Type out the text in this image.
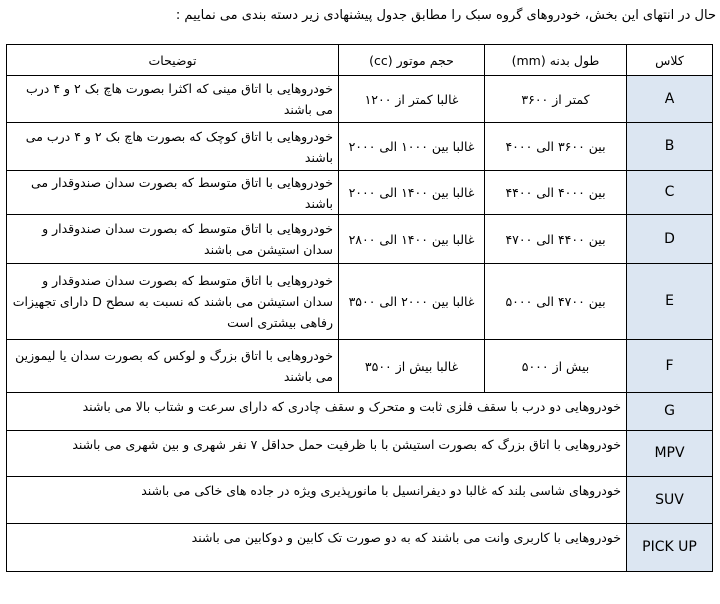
حال در انتهای این بخش، خودروهای گروه سبک را مطابق جدول پیشنهادی زیر دسته بندی می نماییم :
کلاس	طول بدنه (mm)	حجم موتور (cc)	توضیحات
A	کمتر از ۳۶۰۰	غالبا کمتر از ۱۲۰۰	خودروهایی با اتاق مینی که اکثرا بصورت هاچ بک ۲ و ۴ درب می باشند
B	بین ۳۶۰۰ الی ۴۰۰۰	غالبا بین ۱۰۰۰ الی ۲۰۰۰	خودروهایی با اتاق کوچک که بصورت هاچ بک ۲ و ۴ درب می باشند
C	بین ۴۰۰۰ الی ۴۴۰۰	غالبا بین ۱۴۰۰ الی ۲۰۰۰	خودروهایی با اتاق متوسط که بصورت سدان صندوقدار می باشند
D	بین ۴۴۰۰ الی ۴۷۰۰	غالبا بین ۱۴۰۰ الی ۲۸۰۰	خودروهایی با اتاق متوسط که بصورت سدان صندوقدار و سدان استیشن می باشند
E	بین ۴۷۰۰ الی ۵۰۰۰	غالبا بین ۲۰۰۰ الی ۳۵۰۰	خودروهایی با اتاق متوسط که بصورت سدان صندوقدار و سدان استیشن می باشند که نسبت به سطح D دارای تجهیزات رفاهی بیشتری است
F	بیش از ۵۰۰۰	غالبا بیش از ۳۵۰۰	خودروهایی با اتاق بزرگ و لوکس که بصورت سدان یا لیموزین می باشند
G	خودروهایی دو درب با سقف فلزی ثابت و متحرک و سقف چادری که دارای سرعت و شتاب بالا می باشند		
MPV	خودروهایی با اتاق بزرگ که بصورت استیشن با با ظرفیت حمل حداقل ۷ نفر شهری و بین شهری می باشند		
SUV	خودروهای شاسی بلند که غالبا دو دیفرانسیل با مانورپذیری ویژه در جاده های خاکی می باشند		
PICK UP	خودروهایی با کاربری وانت می باشند که به دو صورت تک کابین و دوکابین می باشند		
